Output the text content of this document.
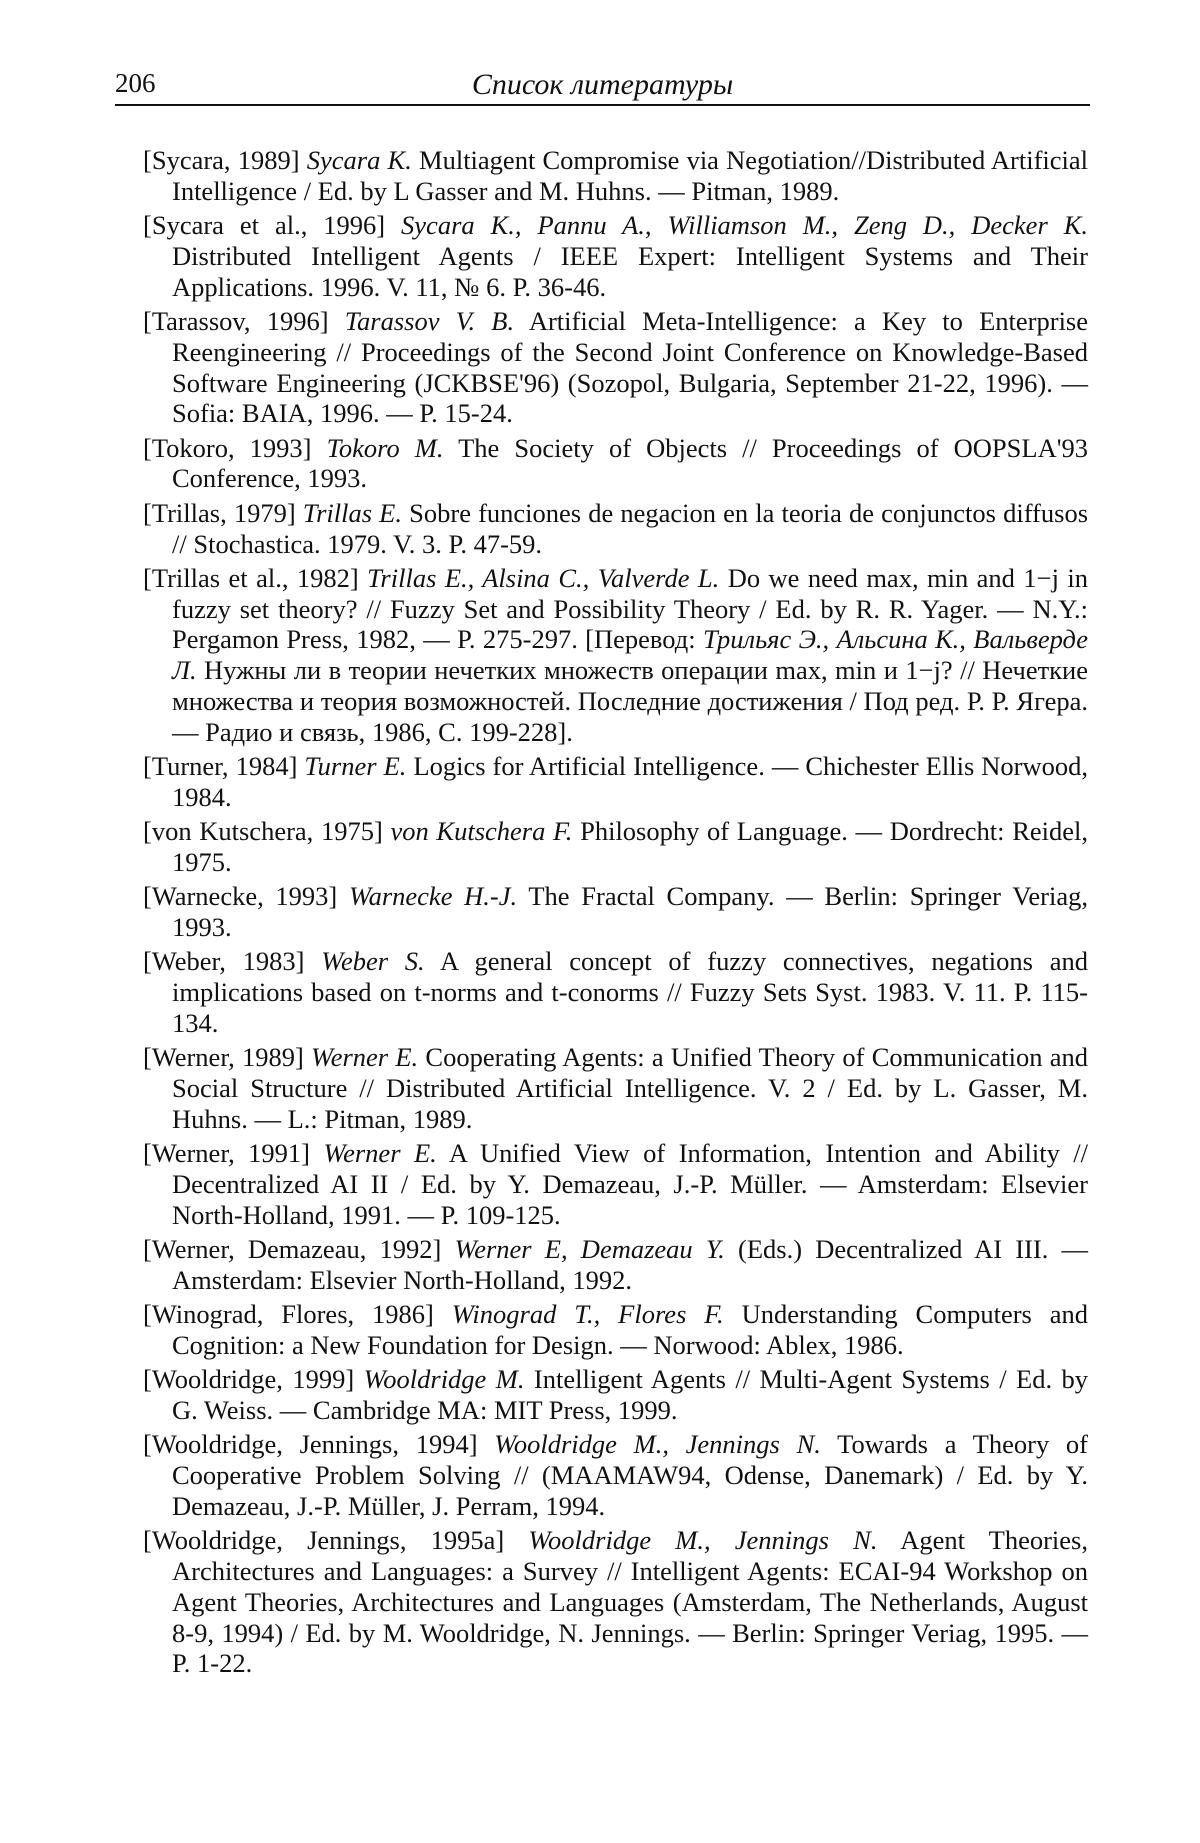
206	Список литературы

[Sycara, 1989] Sycara K. Multiagent Compromise via Negotiation//Distributed Artificial Intelligence / Ed. by L Gasser and M. Huhns. — Pitman, 1989.

[Sycara et al., 1996] Sycara K., Pannu A., Williamson M., Zeng D., Decker K. Distributed Intelligent Agents / IEEE Expert: Intelligent Systems and Their Applications. 1996. V. 11, № 6. P. 36-46.

[Tarassov, 1996] Tarassov V. B. Artificial Meta-Intelligence: a Key to Enterprise Reengineering // Proceedings of the Second Joint Conference on Knowledge-Based Software Engineering (JCKBSE'96) (Sozopol, Bulgaria, September 21-22, 1996). — Sofia: BAIA, 1996. — P. 15-24.

[Tokoro, 1993] Tokoro M. The Society of Objects // Proceedings of OOPSLA'93 Conference, 1993.

[Trillas, 1979] Trillas E. Sobre funciones de negacion en la teoria de conjunctos diffusos // Stochastica. 1979. V. 3. P. 47-59.

[Trillas et al., 1982] Trillas E., Alsina C., Valverde L. Do we need max, min and 1−j in fuzzy set theory? // Fuzzy Set and Possibility Theory / Ed. by R. R. Yager. — N.Y.: Pergamon Press, 1982, — P. 275-297. [Перевод: Трильяс Э., Альсина К., Вальверде Л. Нужны ли в теории нечетких множеств операции max, min и 1−j? // Нечеткие множества и теория возможностей. Последние достижения / Под ред. Р. Р. Ягера. — Радио и связь, 1986, С. 199-228].

[Turner, 1984] Turner E. Logics for Artificial Intelligence. — Chichester Ellis Norwood, 1984.

[von Kutschera, 1975] von Kutschera F. Philosophy of Language. — Dordrecht: Reidel, 1975.

[Warnecke, 1993] Warnecke H.-J. The Fractal Company. — Berlin: Springer Veriag, 1993.

[Weber, 1983] Weber S. A general concept of fuzzy connectives, negations and implications based on t-norms and t-conorms // Fuzzy Sets Syst. 1983. V. 11. P. 115-134.

[Werner, 1989] Werner E. Cooperating Agents: a Unified Theory of Communication and Social Structure // Distributed Artificial Intelligence. V. 2 / Ed. by L. Gasser, M. Huhns. — L.: Pitman, 1989.

[Werner, 1991] Werner E. A Unified View of Information, Intention and Ability // Decentralized AI II / Ed. by Y. Demazeau, J.-P. Müller. — Amsterdam: Elsevier North-Holland, 1991. — P. 109-125.

[Werner, Demazeau, 1992] Werner E, Demazeau Y. (Eds.) Decentralized AI III. — Amsterdam: Elsevier North-Holland, 1992.

[Winograd, Flores, 1986] Winograd T., Flores F. Understanding Computers and Cognition: a New Foundation for Design. — Norwood: Ablex, 1986.

[Wooldridge, 1999] Wooldridge M. Intelligent Agents // Multi-Agent Systems / Ed. by G. Weiss. — Cambridge MA: MIT Press, 1999.

[Wooldridge, Jennings, 1994] Wooldridge M., Jennings N. Towards a Theory of Cooperative Problem Solving // (MAAMAW94, Odense, Danemark) / Ed. by Y. Demazeau, J.-P. Müller, J. Perram, 1994.

[Wooldridge, Jennings, 1995a] Wooldridge M., Jennings N. Agent Theories, Architectures and Languages: a Survey // Intelligent Agents: ECAI-94 Workshop on Agent Theories, Architectures and Languages (Amsterdam, The Netherlands, August 8-9, 1994) / Ed. by M. Wooldridge, N. Jennings. — Berlin: Springer Veriag, 1995. — P. 1-22.
